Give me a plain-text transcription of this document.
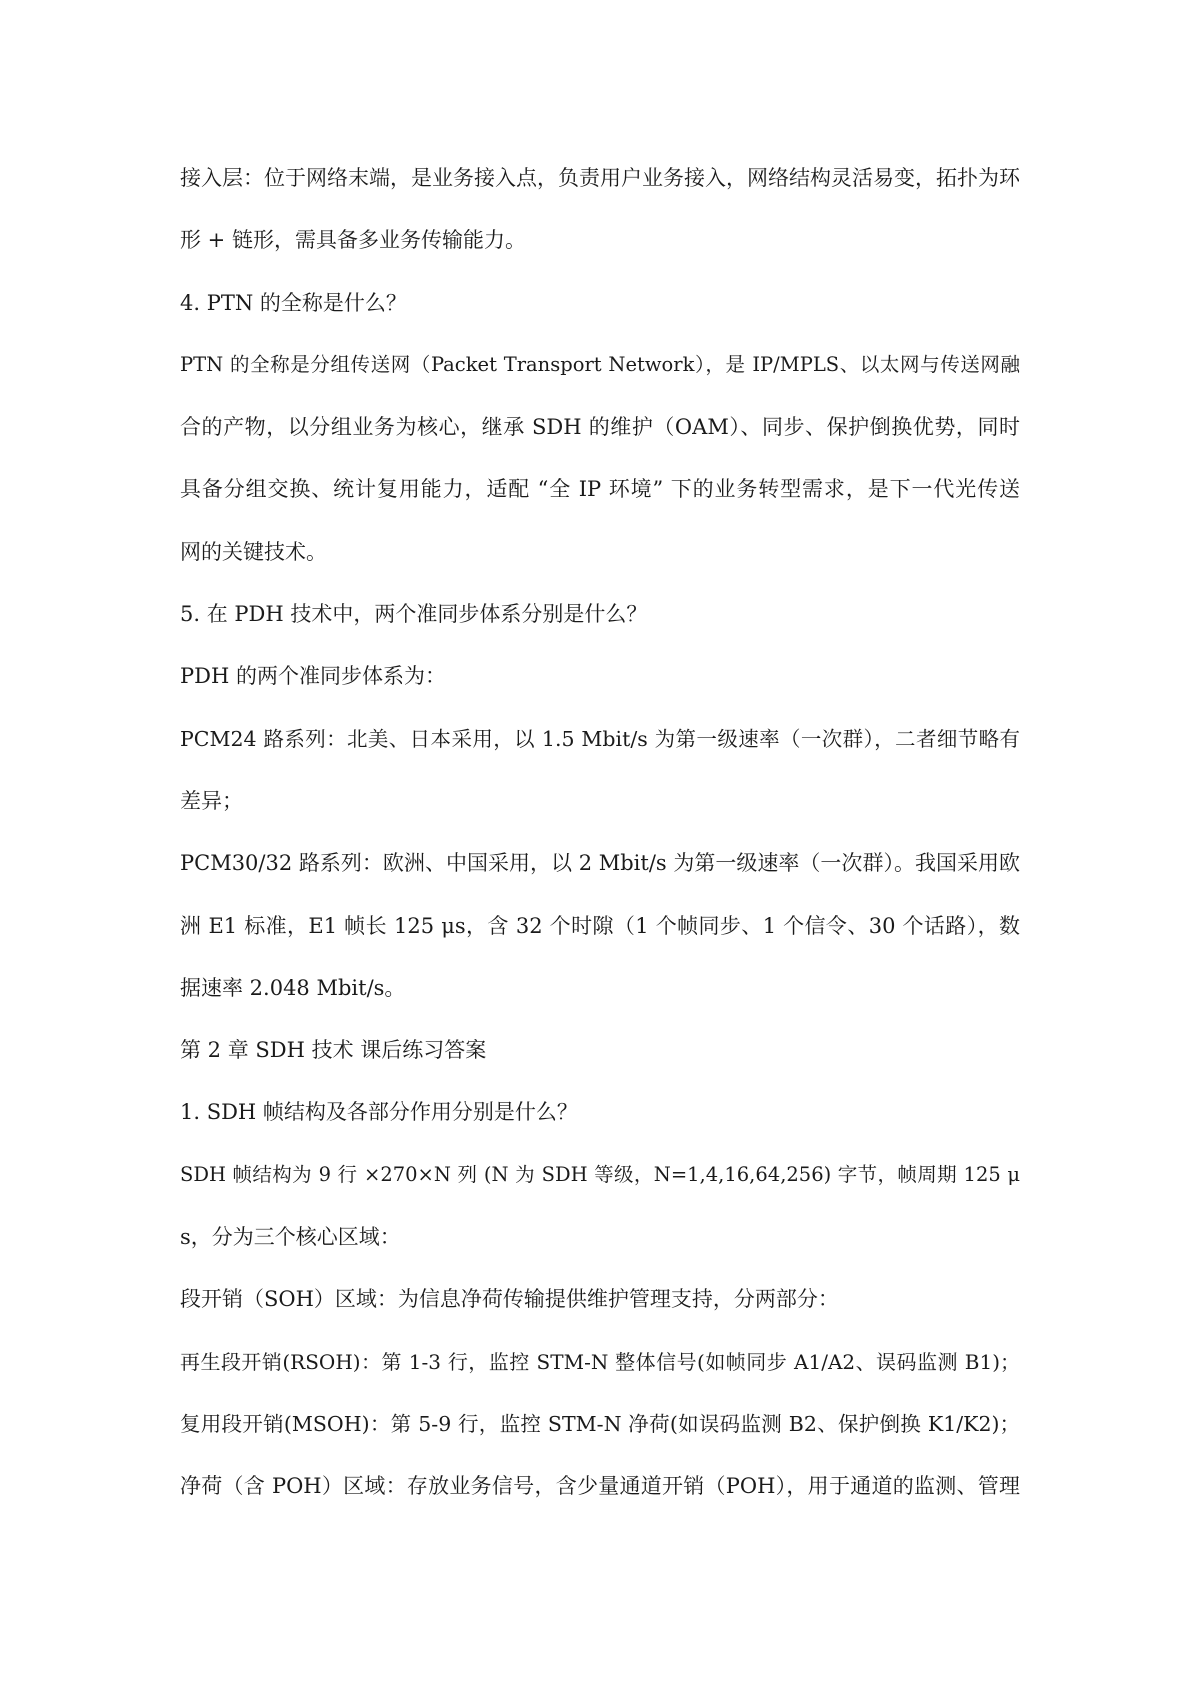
接入层：位于网络末端，是业务接入点，负责用户业务接入，网络结构灵活易变，拓扑为环
形 + 链形，需具备多业务传输能力。
4. PTN 的全称是什么？
PTN 的全称是分组传送网（Packet Transport Network），是 IP/MPLS、以太网与传送网融
合的产物，以分组业务为核心，继承 SDH 的维护（OAM）、同步、保护倒换优势，同时
具备分组交换、统计复用能力，适配 “全 IP 环境” 下的业务转型需求，是下一代光传送
网的关键技术。
5. 在 PDH 技术中，两个准同步体系分别是什么？
PDH 的两个准同步体系为：
PCM24 路系列：北美、日本采用，以 1.5 Mbit/s 为第一级速率（一次群），二者细节略有
差异；
PCM30/32 路系列：欧洲、中国采用，以 2 Mbit/s 为第一级速率（一次群）。我国采用欧
洲 E1 标准，E1 帧长 125 μs，含 32 个时隙（1 个帧同步、1 个信令、30 个话路），数
据速率 2.048 Mbit/s。
第 2 章 SDH 技术 课后练习答案
1. SDH 帧结构及各部分作用分别是什么？
SDH 帧结构为 9 行 ×270×N 列 (N 为 SDH 等级，N=1,4,16,64,256) 字节，帧周期 125 μ
s，分为三个核心区域：
段开销（SOH）区域：为信息净荷传输提供维护管理支持，分两部分：
再生段开销(RSOH)：第 1-3 行，监控 STM-N 整体信号(如帧同步 A1/A2、误码监测 B1)；
复用段开销(MSOH)：第 5-9 行，监控 STM-N 净荷(如误码监测 B2、保护倒换 K1/K2)；
净荷（含 POH）区域：存放业务信号，含少量通道开销（POH），用于通道的监测、管理
